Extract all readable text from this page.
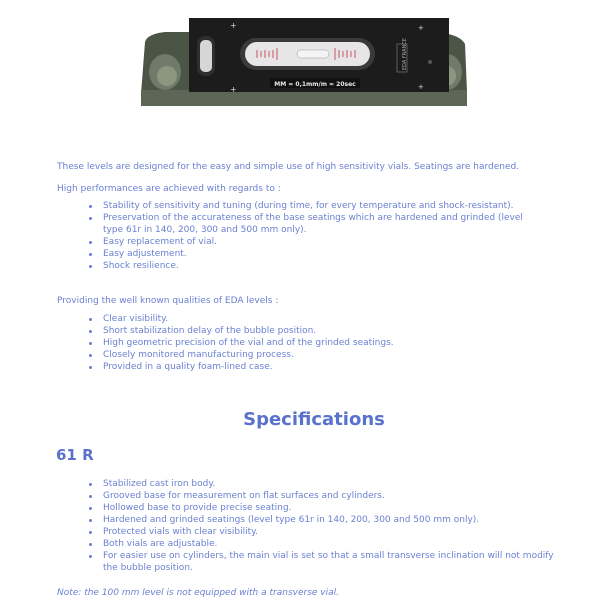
+
+
+
+
EDA FRANCE
MM = 0,1mm/m = 20sec
These levels are designed for the easy and simple use of high sensitivity vials. Seatings are hardened.
High performances are achieved with regards to :
Stability of sensitivity and tuning (during time, for every temperature and shock-resistant).
Preservation of the accurateness of the base seatings which are hardened and grinded (level type 61r in 140, 200, 300 and 500 mm only).
Easy replacement of vial.
Easy adjustement.
Shock resilience.
Providing the well known qualities of EDA levels :
Clear visibility.
Short stabilization delay of the bubble position.
High geometric precision of the vial and of the grinded seatings.
Closely monitored manufacturing process.
Provided in a quality foam-lined case.
Specifications
61 R
Stabilized cast iron body.
Grooved base for measurement on flat surfaces and cylinders.
Hollowed base to provide precise seating.
Hardened and grinded seatings (level type 61r in 140, 200, 300 and 500 mm only).
Protected vials with clear visibility.
Both vials are adjustable.
For easier use on cylinders, the main vial is set so that a small transverse inclination will not modify the bubble position.
Note: the 100 mm level is not equipped with a transverse vial.
